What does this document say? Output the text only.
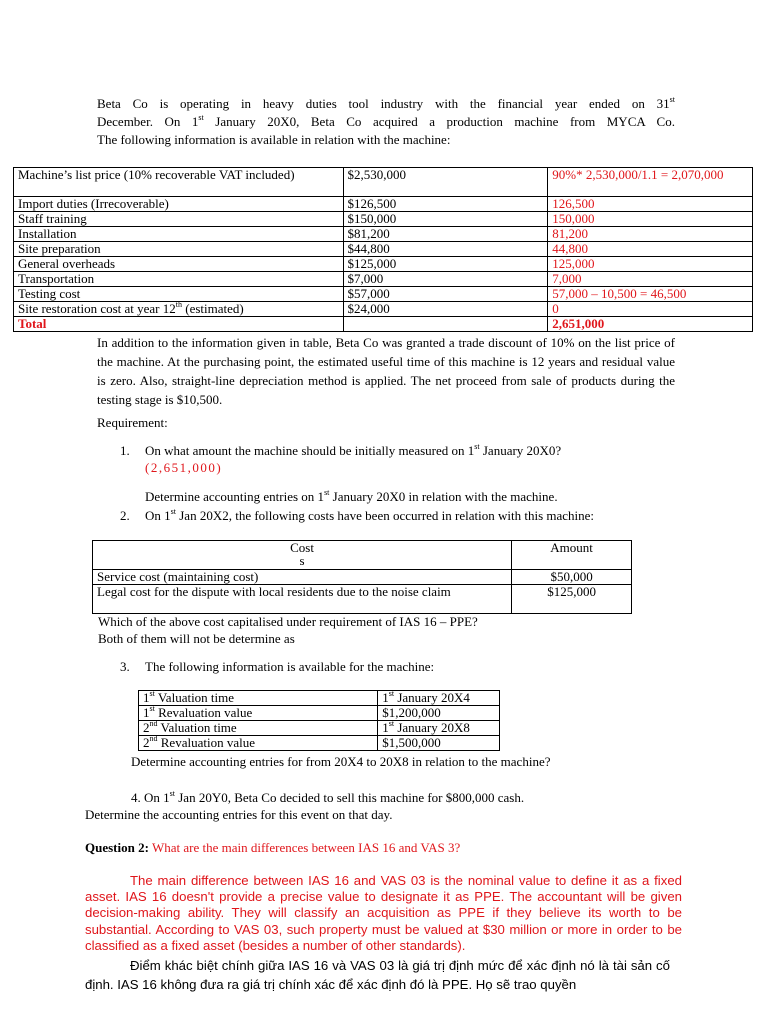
Beta Co is operating in heavy duties tool industry with the financial year ended on 31st
December. On 1st January 20X0, Beta Co acquired a production machine from MYCA Co.
The following information is available in relation with the machine:
Machine’s list price (10% recoverable VAT included)	$2,530,000	90%* 2,530,000/1.1 = 2,070,000
Import duties (Irrecoverable)	$126,500	126,500
Staff training	$150,000	150,000
Installation	$81,200	81,200
Site preparation	$44,800	44,800
General overheads	$125,000	125,000
Transportation	$7,000	7,000
Testing cost	$57,000	57,000 – 10,500 = 46,500
Site restoration cost at year 12th (estimated)	$24,000	0
Total		2,651,000
In addition to the information given in table, Beta Co was granted a trade discount of 10% on the list price of the machine. At the purchasing point, the estimated useful time of this machine is 12 years and residual value is zero. Also, straight-line depreciation method is applied. The net proceed from sale of products during the testing stage is $10,500.
Requirement:
1. On what amount the machine should be initially measured on 1st January 20X0?
(2,651,000)
Determine accounting entries on 1st January 20X0 in relation with the machine.
2. On 1st Jan 20X2, the following costs have been occurred in relation with this machine:
Cost
s	Amount
Service cost (maintaining cost)	$50,000
Legal cost for the dispute with local residents due to the noise claim	$125,000
Which of the above cost capitalised under requirement of IAS 16 – PPE?
Both of them will not be determine as
3. The following information is available for the machine:
1st Valuation time	1st January 20X4
1st Revaluation value	$1,200,000
2nd Valuation time	1st January 20X8
2nd Revaluation value	$1,500,000
Determine accounting entries for from 20X4 to 20X8 in relation to the machine?
4. On 1st Jan 20Y0, Beta Co decided to sell this machine for $800,000 cash.
Determine the accounting entries for this event on that day.
Question 2: What are the main differences between IAS 16 and VAS 3?
The main difference between IAS 16 and VAS 03 is the nominal value to define it as a fixed asset. IAS 16 doesn't provide a precise value to designate it as PPE. The accountant will be given decision-making ability. They will classify an acquisition as PPE if they believe its worth to be substantial. According to VAS 03, such property must be valued at $30 million or more in order to be classified as a fixed asset (besides a number of other standards).
Điểm khác biệt chính giữa IAS 16 và VAS 03 là giá trị định mức để xác định nó là tài sản cố định. IAS 16 không đưa ra giá trị chính xác để xác định đó là PPE. Họ sẽ trao quyền
